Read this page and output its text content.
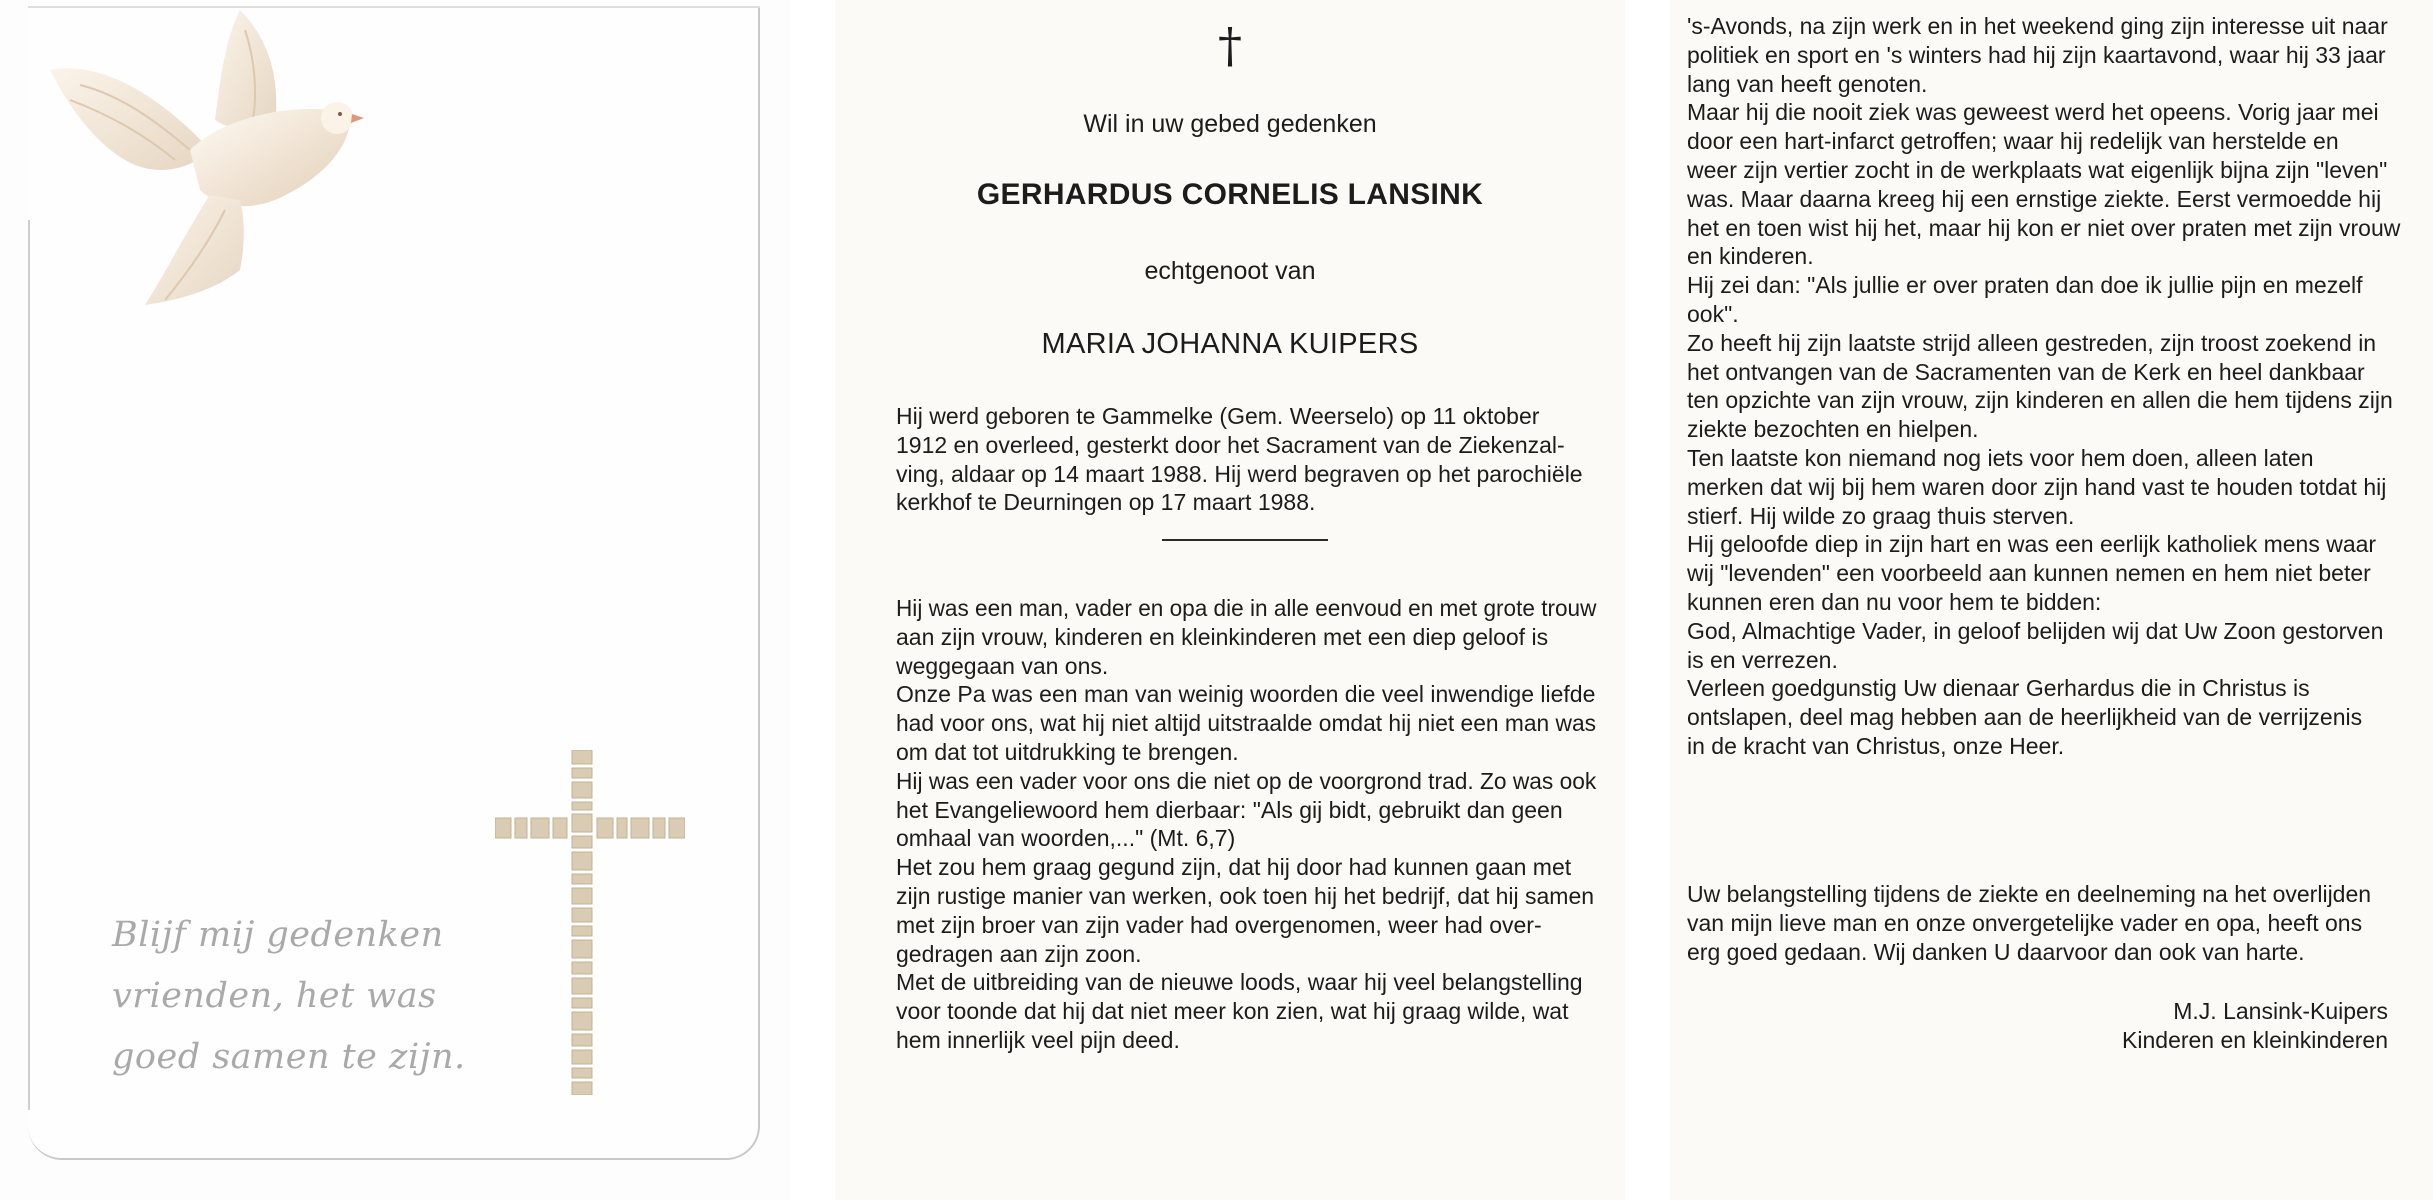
Blijf mij gedenken
vrienden, het was
goed samen te zijn.
†
Wil in uw gebed gedenken
GERHARDUS CORNELIS LANSINK
echtgenoot van
MARIA JOHANNA KUIPERS
Hij werd geboren te Gammelke (Gem. Weerselo) op 11 oktober
1912 en overleed, gesterkt door het Sacrament van de Ziekenzal-
ving, aldaar op 14 maart 1988. Hij werd begraven op het parochiële
kerkhof te Deurningen op 17 maart 1988.
Hij was een man, vader en opa die in alle eenvoud en met grote trouw
aan zijn vrouw, kinderen en kleinkinderen met een diep geloof is
weggegaan van ons.
Onze Pa was een man van weinig woorden die veel inwendige liefde
had voor ons, wat hij niet altijd uitstraalde omdat hij niet een man was
om dat tot uitdrukking te brengen.
Hij was een vader voor ons die niet op de voorgrond trad. Zo was ook
het Evangeliewoord hem dierbaar: "Als gij bidt, gebruikt dan geen
omhaal van woorden,..." (Mt. 6,7)
Het zou hem graag gegund zijn, dat hij door had kunnen gaan met
zijn rustige manier van werken, ook toen hij het bedrijf, dat hij samen
met zijn broer van zijn vader had overgenomen, weer had over-
gedragen aan zijn zoon.
Met de uitbreiding van de nieuwe loods, waar hij veel belangstelling
voor toonde dat hij dat niet meer kon zien, wat hij graag wilde, wat
hem innerlijk veel pijn deed.
's-Avonds, na zijn werk en in het weekend ging zijn interesse uit naar
politiek en sport en 's winters had hij zijn kaartavond, waar hij 33 jaar
lang van heeft genoten.
Maar hij die nooit ziek was geweest werd het opeens. Vorig jaar mei
door een hart-infarct getroffen; waar hij redelijk van herstelde en
weer zijn vertier zocht in de werkplaats wat eigenlijk bijna zijn "leven"
was. Maar daarna kreeg hij een ernstige ziekte. Eerst vermoedde hij
het en toen wist hij het, maar hij kon er niet over praten met zijn vrouw
en kinderen.
Hij zei dan: "Als jullie er over praten dan doe ik jullie pijn en mezelf
ook".
Zo heeft hij zijn laatste strijd alleen gestreden, zijn troost zoekend in
het ontvangen van de Sacramenten van de Kerk en heel dankbaar
ten opzichte van zijn vrouw, zijn kinderen en allen die hem tijdens zijn
ziekte bezochten en hielpen.
Ten laatste kon niemand nog iets voor hem doen, alleen laten
merken dat wij bij hem waren door zijn hand vast te houden totdat hij
stierf. Hij wilde zo graag thuis sterven.
Hij geloofde diep in zijn hart en was een eerlijk katholiek mens waar
wij "levenden" een voorbeeld aan kunnen nemen en hem niet beter
kunnen eren dan nu voor hem te bidden:
God, Almachtige Vader, in geloof belijden wij dat Uw Zoon gestorven
is en verrezen.
Verleen goedgunstig Uw dienaar Gerhardus die in Christus is
ontslapen, deel mag hebben aan de heerlijkheid van de verrijzenis
in de kracht van Christus, onze Heer.
Uw belangstelling tijdens de ziekte en deelneming na het overlijden
van mijn lieve man en onze onvergetelijke vader en opa, heeft ons
erg goed gedaan. Wij danken U daarvoor dan ook van harte.
M.J. Lansink-Kuipers
Kinderen en kleinkinderen
